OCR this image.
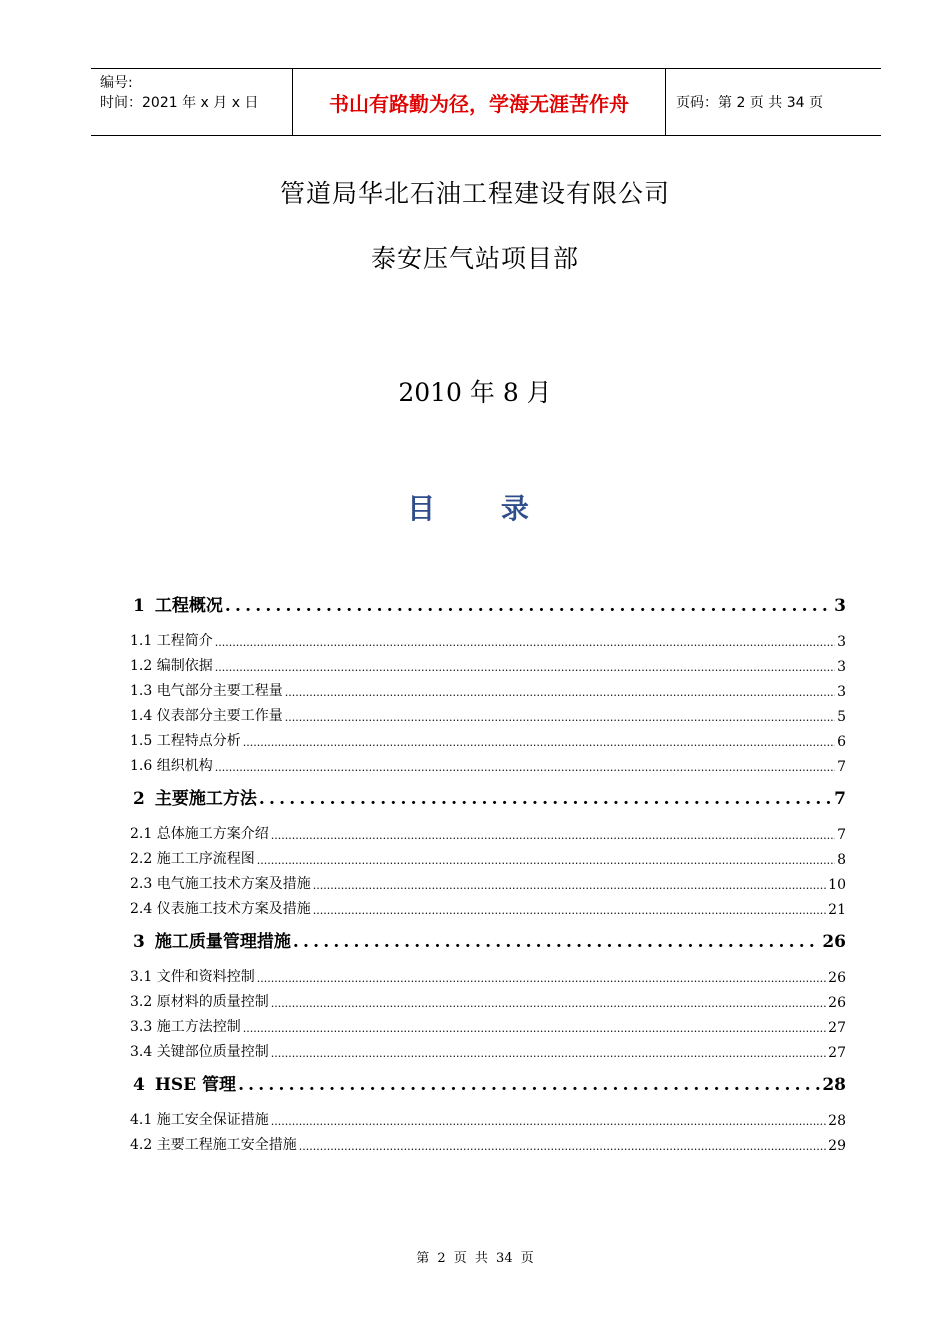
编号:
时间：2021 年 x 月 x 日	书山有路勤为径，学海无涯苦作舟	页码：第 2 页 共 34 页
管道局华北石油工程建设有限公司
泰安压气站项目部
2010 年 8 月
目 录
1 工程概况 .....	3
1.1 工程简介 .....	3
1.2 编制依据 .....	3
1.3 电气部分主要工程量 .....	3
1.4 仪表部分主要工作量 .....	5
1.5 工程特点分析 .....	6
1.6 组织机构 .....	7
2 主要施工方法 .....	7
2.1 总体施工方案介绍 .....	7
2.2 施工工序流程图 .....	8
2.3 电气施工技术方案及措施 .....	10
2.4 仪表施工技术方案及措施 .....	21
3 施工质量管理措施 .....	26
3.1 文件和资料控制 .....	26
3.2 原材料的质量控制 .....	26
3.3 施工方法控制 .....	27
3.4 关键部位质量控制 .....	27
4 HSE 管理 .....	28
4.1 施工安全保证措施 .....	28
4.2 主要工程施工安全措施 .....	29
第 2 页 共 34 页
